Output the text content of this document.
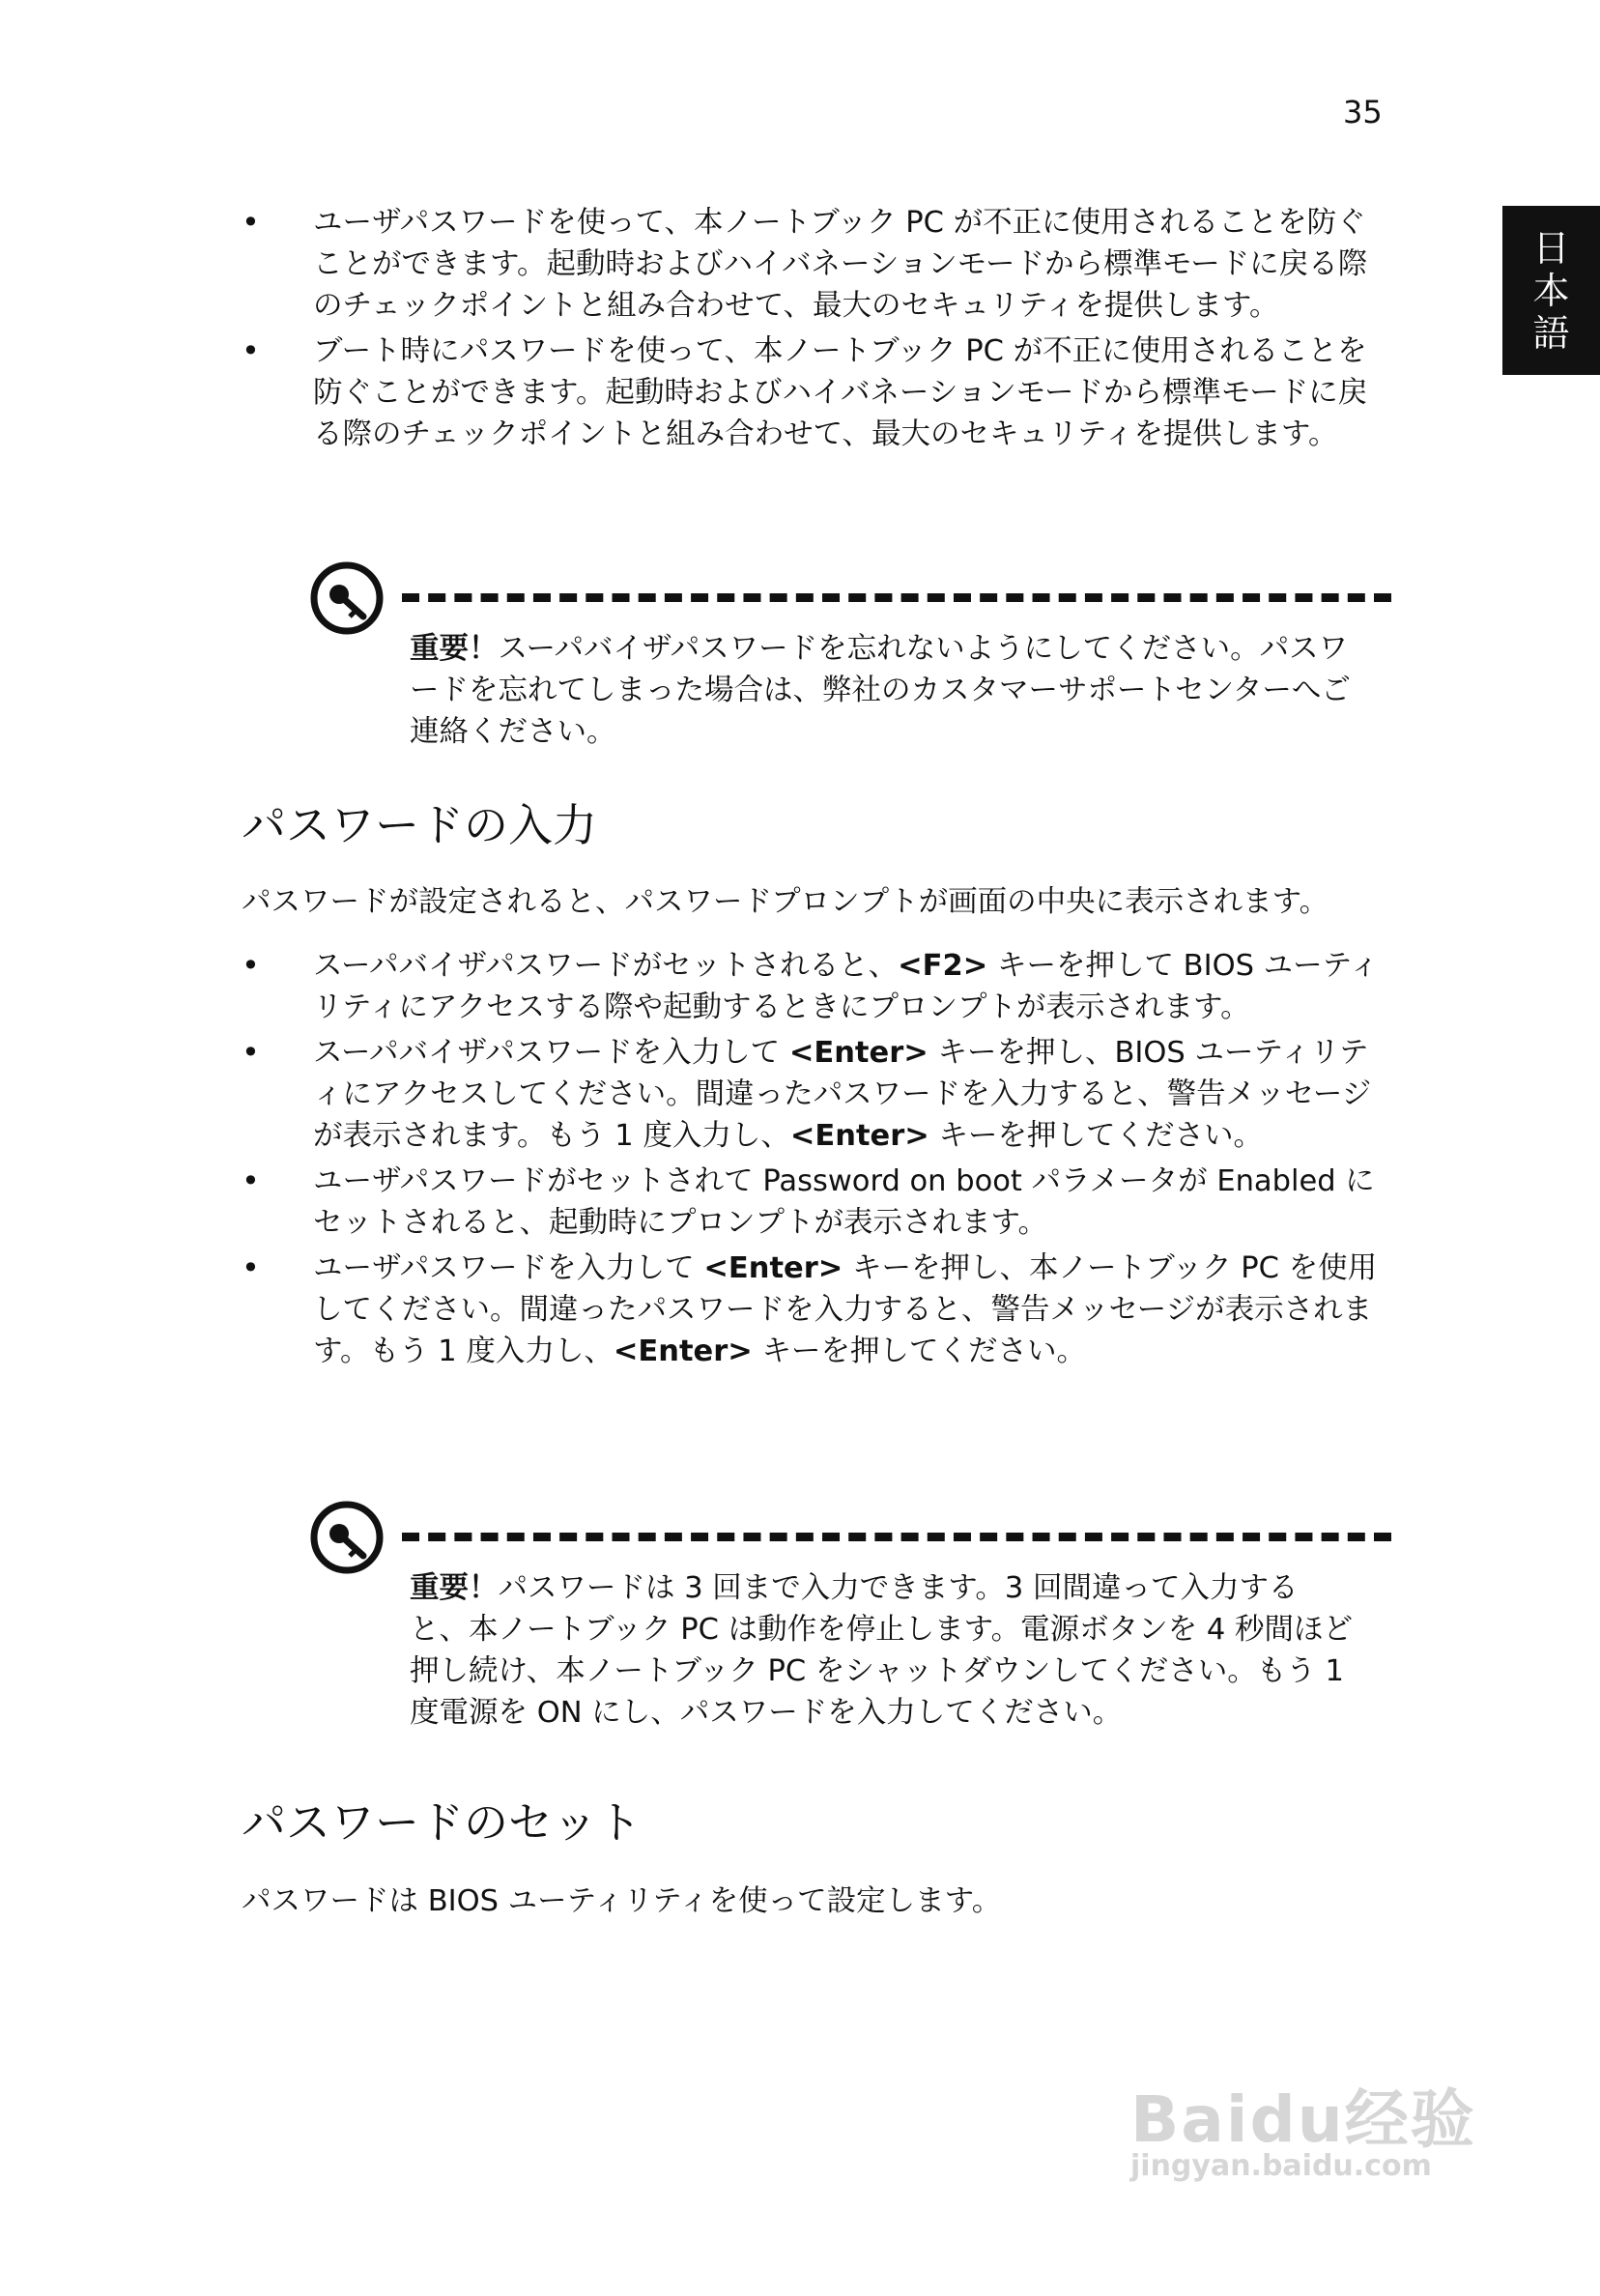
35
日
本
語
• ユーザパスワードを使って、本ノートブック PC が不正に使用されることを防ぐことができます。起動時およびハイバネーションモードから標準モードに戻る際のチェックポイントと組み合わせて、最大のセキュリティを提供します。
• ブート時にパスワードを使って、本ノートブック PC が不正に使用されることを防ぐことができます。起動時およびハイバネーションモードから標準モードに戻る際のチェックポイントと組み合わせて、最大のセキュリティを提供します。
重要！スーパバイザパスワードを忘れないようにしてください。パスワードを忘れてしまった場合は、弊社のカスタマーサポートセンターへご連絡ください。
パスワードの入力

パスワードが設定されると、パスワードプロンプトが画面の中央に表示されます。

• スーパバイザパスワードがセットされると、<F2> キーを押して BIOS ユーティリティにアクセスする際や起動するときにプロンプトが表示されます。
• スーパバイザパスワードを入力して <Enter> キーを押し、BIOS ユーティリティにアクセスしてください。間違ったパスワードを入力すると、警告メッセージが表示されます。もう 1 度入力し、<Enter> キーを押してください。
• ユーザパスワードがセットされて Password on boot パラメータが Enabled にセットされると、起動時にプロンプトが表示されます。
• ユーザパスワードを入力して <Enter> キーを押し、本ノートブック PC を使用してください。間違ったパスワードを入力すると、警告メッセージが表示されます。もう 1 度入力し、<Enter> キーを押してください。
重要！パスワードは 3 回まで入力できます。3 回間違って入力すると、本ノートブック PC は動作を停止します。電源ボタンを 4 秒間ほど押し続け、本ノートブック PC をシャットダウンしてください。もう 1 度電源を ON にし、パスワードを入力してください。
パスワードのセット

パスワードは BIOS ユーティリティを使って設定します。

Baidu经验
jingyan.baidu.com
